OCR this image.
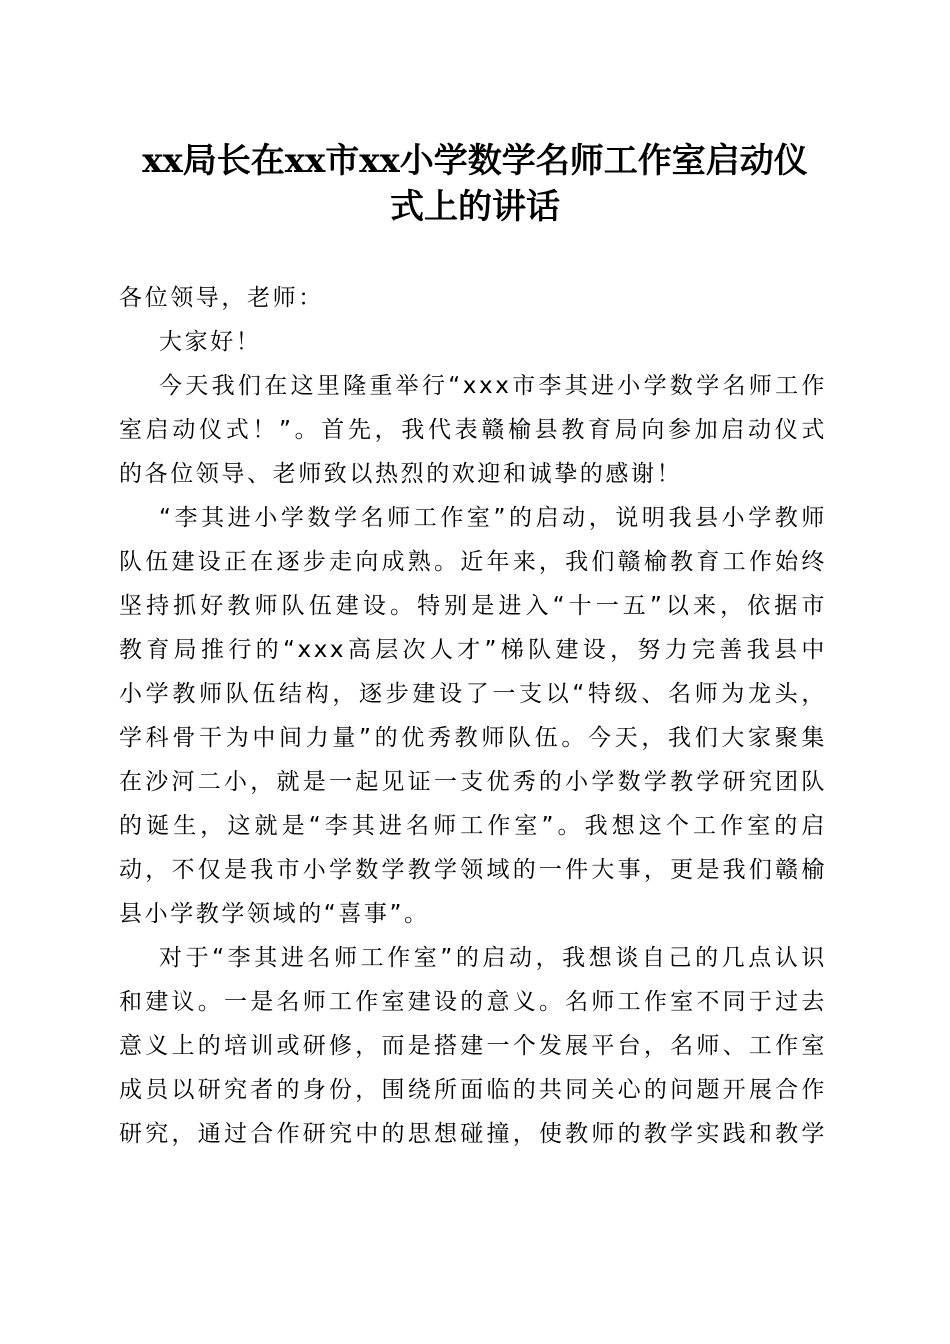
xx局长在xx市xx小学数学名师工作室启动仪
式上的讲话
各位领导，老师：
大家好！
今天我们在这里隆重举行“xxx市李其进小学数学名师工作
室启动仪式！”。首先，我代表赣榆县教育局向参加启动仪式
的各位领导、老师致以热烈的欢迎和诚挚的感谢！
“李其进小学数学名师工作室”的启动，说明我县小学教师
队伍建设正在逐步走向成熟。近年来，我们赣榆教育工作始终
坚持抓好教师队伍建设。特别是进入“十一五”以来，依据市
教育局推行的“xxx高层次人才”梯队建设，努力完善我县中
小学教师队伍结构，逐步建设了一支以“特级、名师为龙头，
学科骨干为中间力量”的优秀教师队伍。今天，我们大家聚集
在沙河二小，就是一起见证一支优秀的小学数学教学研究团队
的诞生，这就是“李其进名师工作室”。我想这个工作室的启
动，不仅是我市小学数学教学领域的一件大事，更是我们赣榆
县小学教学领域的“喜事”。
对于“李其进名师工作室”的启动，我想谈自己的几点认识
和建议。一是名师工作室建设的意义。名师工作室不同于过去
意义上的培训或研修，而是搭建一个发展平台，名师、工作室
成员以研究者的身份，围绕所面临的共同关心的问题开展合作
研究，通过合作研究中的思想碰撞，使教师的教学实践和教学
